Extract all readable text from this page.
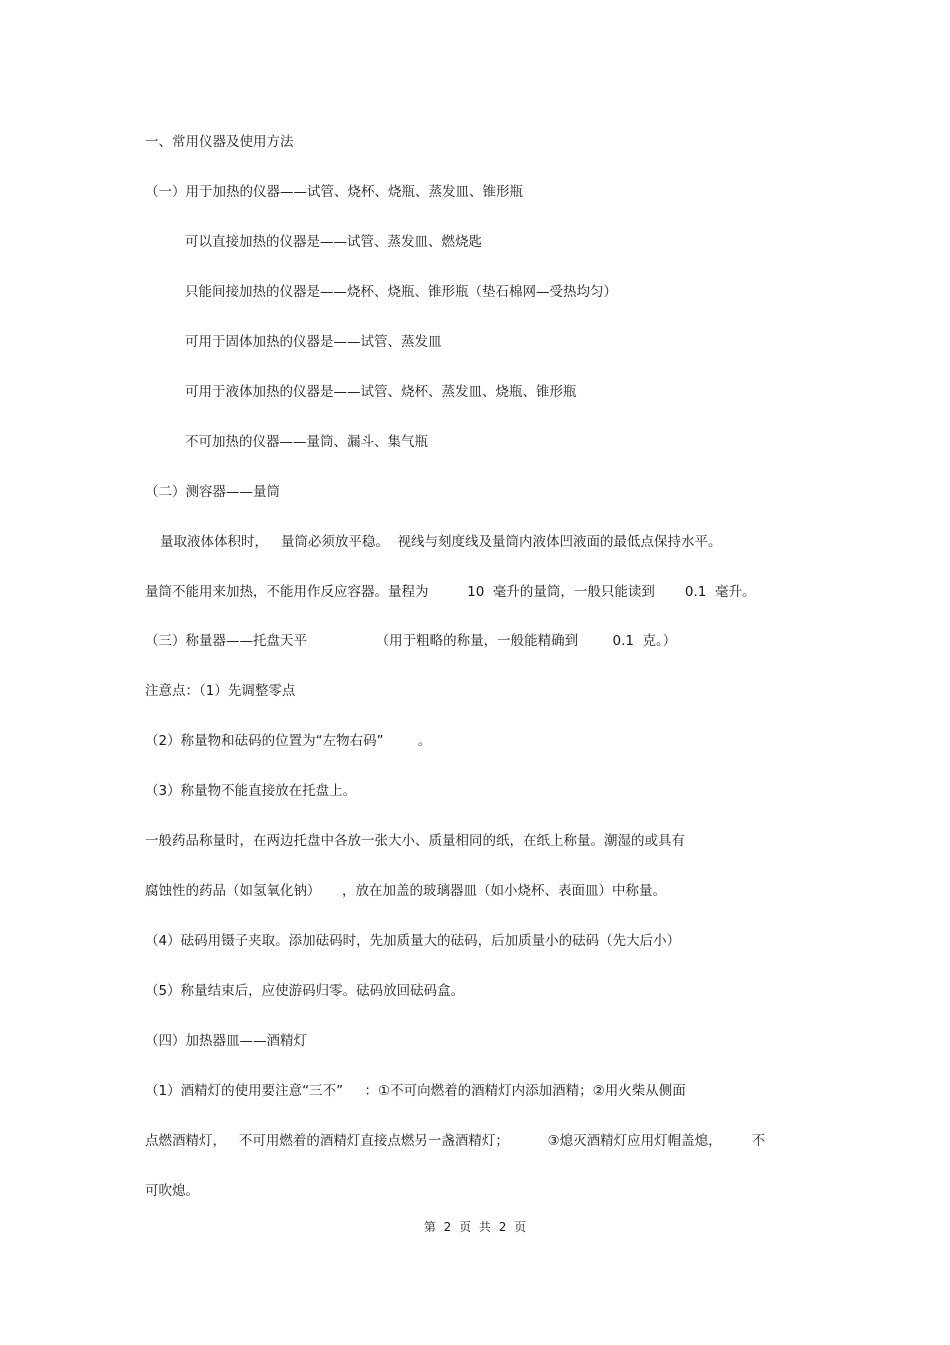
一、常用仪器及使用方法
（一）用于加热的仪器——试管、烧杯、烧瓶、蒸发皿、锥形瓶
可以直接加热的仪器是——试管、蒸发皿、燃烧匙
只能间接加热的仪器是——烧杯、烧瓶、锥形瓶（垫石棉网—受热均匀）
可用于固体加热的仪器是——试管、蒸发皿
可用于液体加热的仪器是——试管、烧杯、蒸发皿、烧瓶、锥形瓶
不可加热的仪器——量筒、漏斗、集气瓶
（二）测容器——量筒
量取液体体积时，   量筒必须放平稳。  视线与刻度线及量筒内液体凹液面的最低点保持水平。
量筒不能用来加热，不能用作反应容器。量程为         10  毫升的量筒，一般只能读到       0.1  毫升。
（三）称量器——托盘天平                （用于粗略的称量，一般能精确到        0.1  克。）
注意点：（1）先调整零点
（2）称量物和砝码的位置为“左物右码”        。
（3）称量物不能直接放在托盘上。
一般药品称量时，在两边托盘中各放一张大小、质量相同的纸，在纸上称量。潮湿的或具有
腐蚀性的药品（如氢氧化钠）     ，放在加盖的玻璃器皿（如小烧杯、表面皿）中称量。
（4）砝码用镊子夹取。添加砝码时，先加质量大的砝码，后加质量小的砝码（先大后小）
（5）称量结束后，应使游码归零。砝码放回砝码盒。
（四）加热器皿——酒精灯
（1）酒精灯的使用要注意“三不”     ：①不可向燃着的酒精灯内添加酒精；②用火柴从侧面
点燃酒精灯，   不可用燃着的酒精灯直接点燃另一盏酒精灯；         ③熄灭酒精灯应用灯帽盖熄，       不
可吹熄。
第 2 页 共 2 页
